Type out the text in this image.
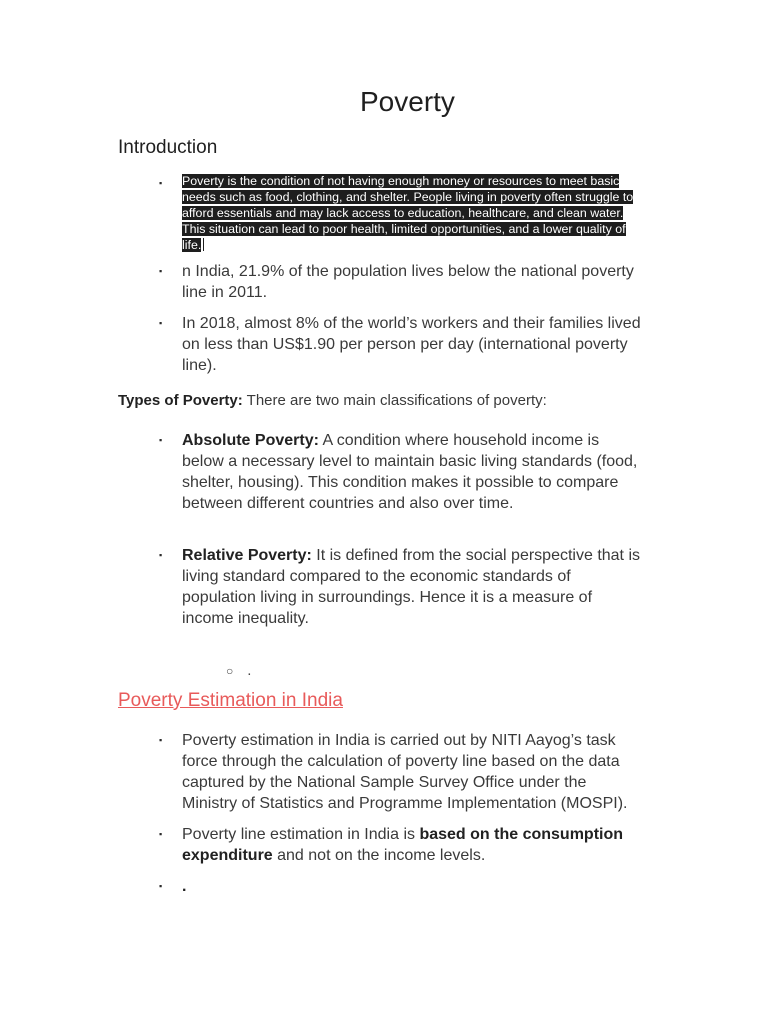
Poverty
Introduction
▪ Poverty is the condition of not having enough money or resources to meet basic needs such as food, clothing, and shelter. People living in poverty often struggle to afford essentials and may lack access to education, healthcare, and clean water. This situation can lead to poor health, limited opportunities, and a lower quality of life.
▪ n India, 21.9% of the population lives below the national poverty line in 2011.
▪ In 2018, almost 8% of the world’s workers and their families lived on less than US$1.90 per person per day (international poverty line).

Types of Poverty: There are two main classifications of poverty:

▪ Absolute Poverty: A condition where household income is below a necessary level to maintain basic living standards (food, shelter, housing). This condition makes it possible to compare between different countries and also over time.
▪ Relative Poverty: It is defined from the social perspective that is living standard compared to the economic standards of population living in surroundings. Hence it is a measure of income inequality.
○ .
Poverty Estimation in India
▪ Poverty estimation in India is carried out by NITI Aayog’s task force through the calculation of poverty line based on the data captured by the National Sample Survey Office under the Ministry of Statistics and Programme Implementation (MOSPI).
▪ Poverty line estimation in India is based on the consumption expenditure and not on the income levels.
▪ .
